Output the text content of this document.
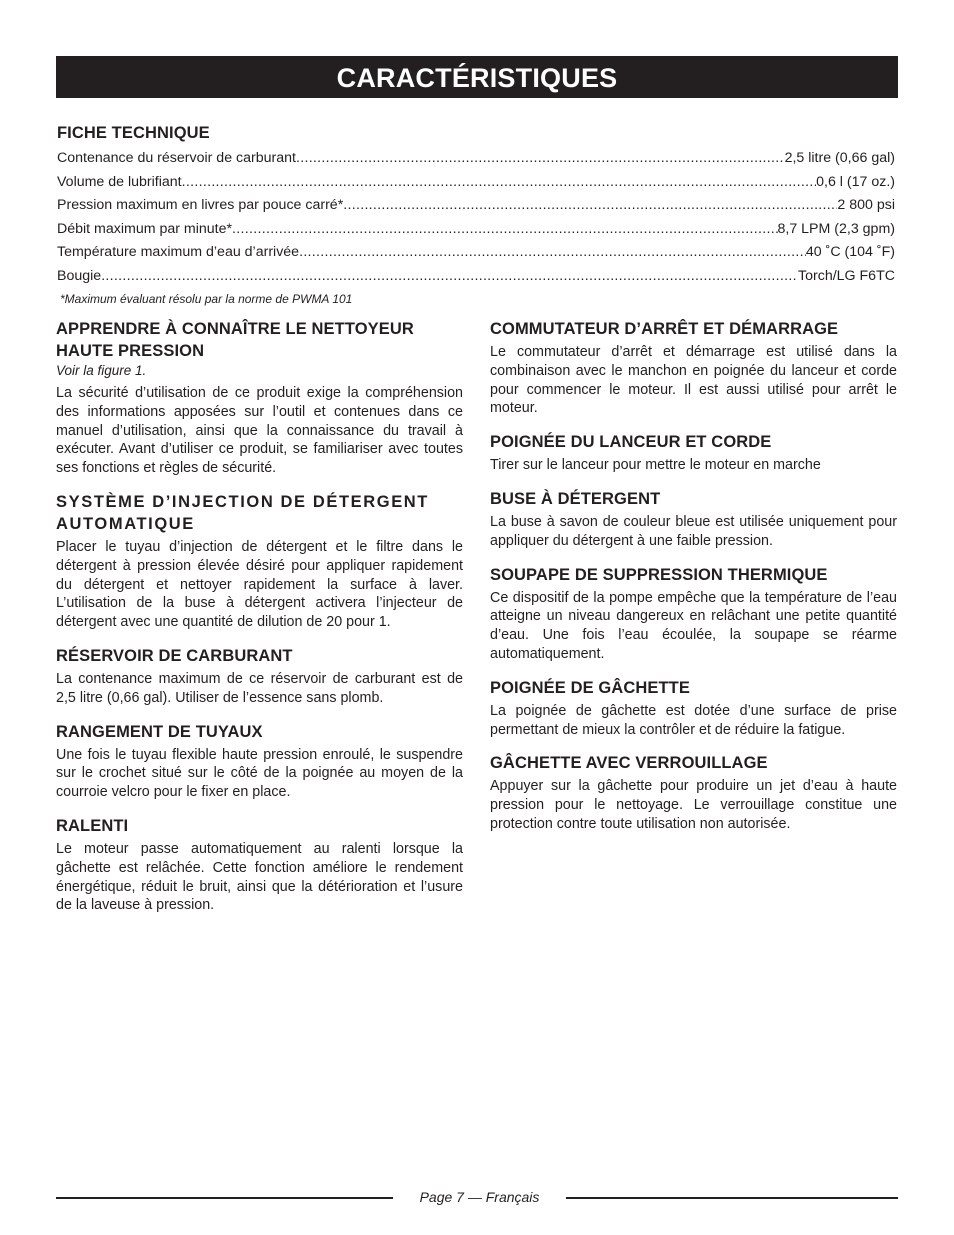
CARACTÉRISTIQUES
FICHE TECHNIQUE
Contenance du réservoir de carburant .....	2,5 litre (0,66 gal)
Volume de lubrifiant .....	0,6 l (17 oz.)
Pression maximum en livres par pouce carré* .....	2 800 psi
Débit maximum par minute* .....	8,7 LPM (2,3 gpm)
Température maximum d’eau d’arrivée .....	40 ˚C (104 ˚F)
Bougie .....	Torch/LG F6TC
*Maximum évaluant résolu par la norme de PWMA 101
APPRENDRE À CONNAÎTRE LE NETTOYEUR HAUTE PRESSION
Voir la figure 1.

La sécurité d’utilisation de ce produit exige la compréhension des informations apposées sur l’outil et contenues dans ce manuel d’utilisation, ainsi que la connaissance du travail à exécuter. Avant d’utiliser ce produit, se familiariser avec toutes ses fonctions et règles de sécurité.

SYSTÈME D’INJECTION DE DÉTERGENT AUTOMATIQUE

Placer le tuyau d’injection de détergent et le filtre dans le détergent à pression élevée désiré pour appliquer rapidement du détergent et nettoyer rapidement la surface à laver. L’utilisation de la buse à détergent activera l’injecteur de détergent avec une quantité de dilution de 20 pour 1.

RÉSERVOIR DE CARBURANT

La contenance maximum de ce réservoir de carburant est de 2,5 litre (0,66 gal). Utiliser de l’essence sans plomb.

RANGEMENT DE TUYAUX

Une fois le tuyau flexible haute pression enroulé, le suspendre sur le crochet situé sur le côté de la poignée au moyen de la courroie velcro pour le fixer en place.

RALENTI

Le moteur passe automatiquement au ralenti lorsque la gâchette est relâchée. Cette fonction améliore le rendement énergétique, réduit le bruit, ainsi que la détérioration et l’usure de la laveuse à pression.

COMMUTATEUR D’ARRÊT ET DÉMARRAGE

Le commutateur d’arrêt et démarrage est utilisé dans la combinaison avec le manchon en poignée du lanceur et corde pour commencer le moteur. Il est aussi utilisé pour arrêt le moteur.

POIGNÉE DU LANCEUR ET CORDE

Tirer sur le lanceur pour mettre le moteur en marche

BUSE À DÉTERGENT

La buse à savon de couleur bleue est utilisée uniquement pour appliquer du détergent à une faible pression.

SOUPAPE DE SUPPRESSION THERMIQUE

Ce dispositif de la pompe empêche que la température de l’eau atteigne un niveau dangereux en relâchant une petite quantité d’eau. Une fois l’eau écoulée, la soupape se réarme automatiquement.

POIGNÉE DE GÂCHETTE

La poignée de gâchette est dotée d’une surface de prise permettant de mieux la contrôler et de réduire la fatigue.

GÂCHETTE AVEC VERROUILLAGE

Appuyer sur la gâchette pour produire un jet d’eau à haute pression pour le nettoyage. Le verrouillage constitue une protection contre toute utilisation non autorisée.

Page 7 — Français
